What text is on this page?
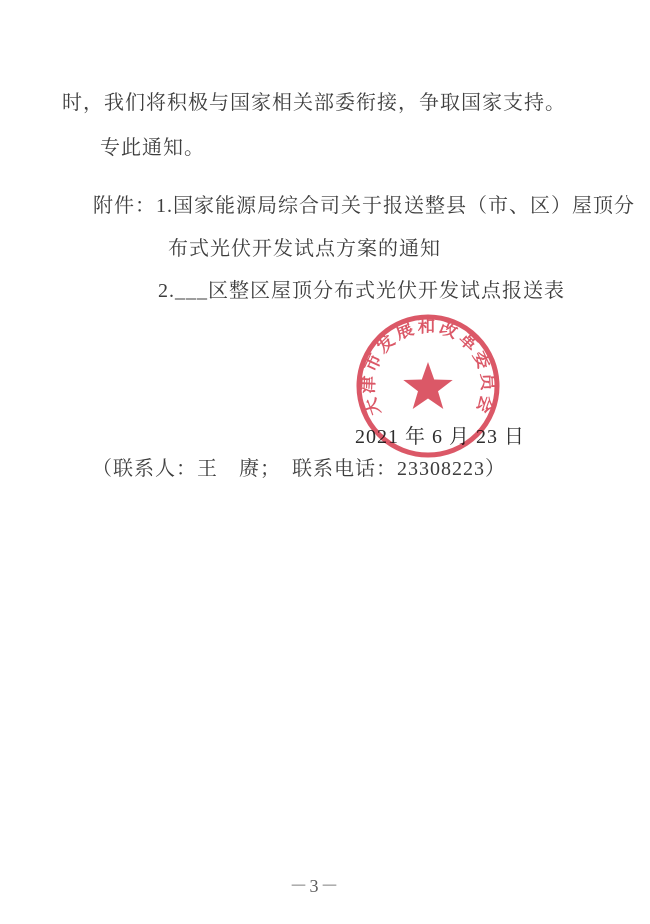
时，我们将积极与国家相关部委衔接，争取国家支持。
专此通知。
附件：1.国家能源局综合司关于报送整县（市、区）屋顶分
布式光伏开发试点方案的通知
2.___区整区屋顶分布式光伏开发试点报送表
2021 年 6 月 23 日
天津市发展和改革委员会
（联系人：王　赓；　联系电话：23308223）
－3－
